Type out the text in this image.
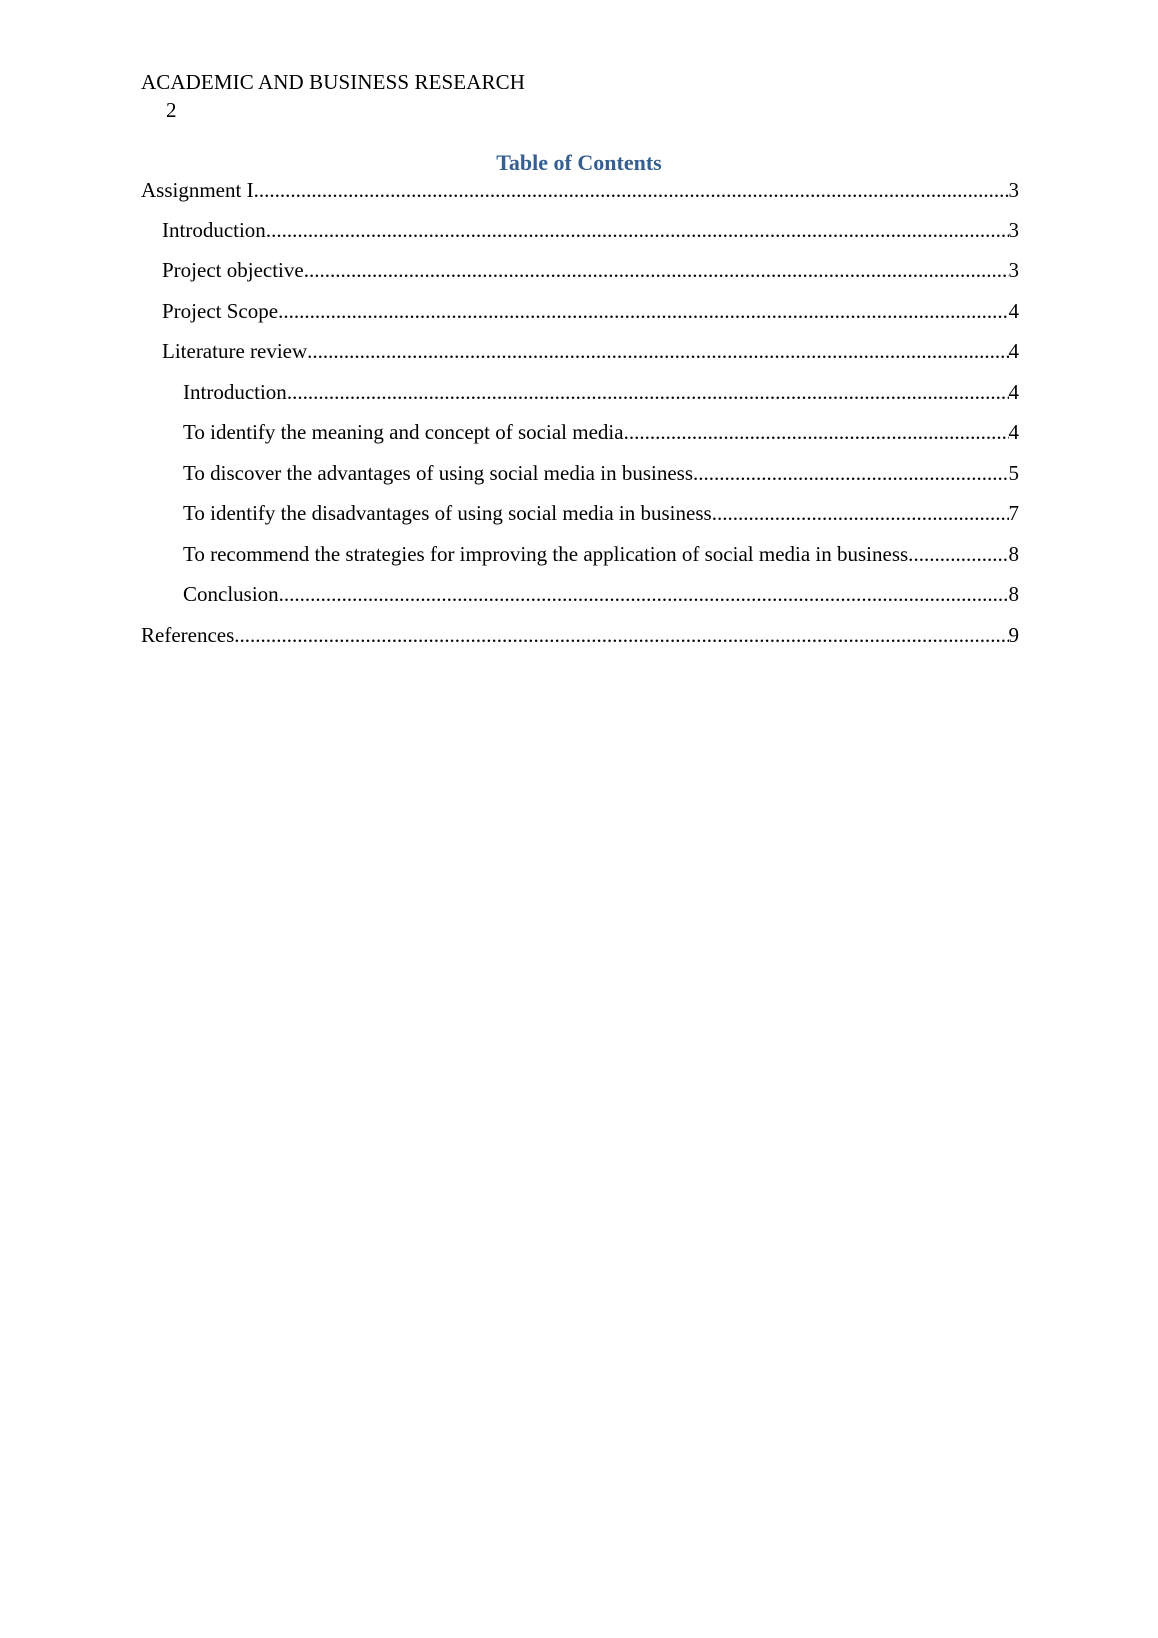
ACADEMIC AND BUSINESS RESEARCH
2
Table of Contents
Assignment I .....	3
Introduction .....	3
Project objective .....	3
Project Scope .....	4
Literature review .....	4
Introduction .....	4
To identify the meaning and concept of social media .....	4
To discover the advantages of using social media in business .....	5
To identify the disadvantages of using social media in business .....	7
To recommend the strategies for improving the application of social media in business. .....	8
Conclusion .....	8
References .....	9
